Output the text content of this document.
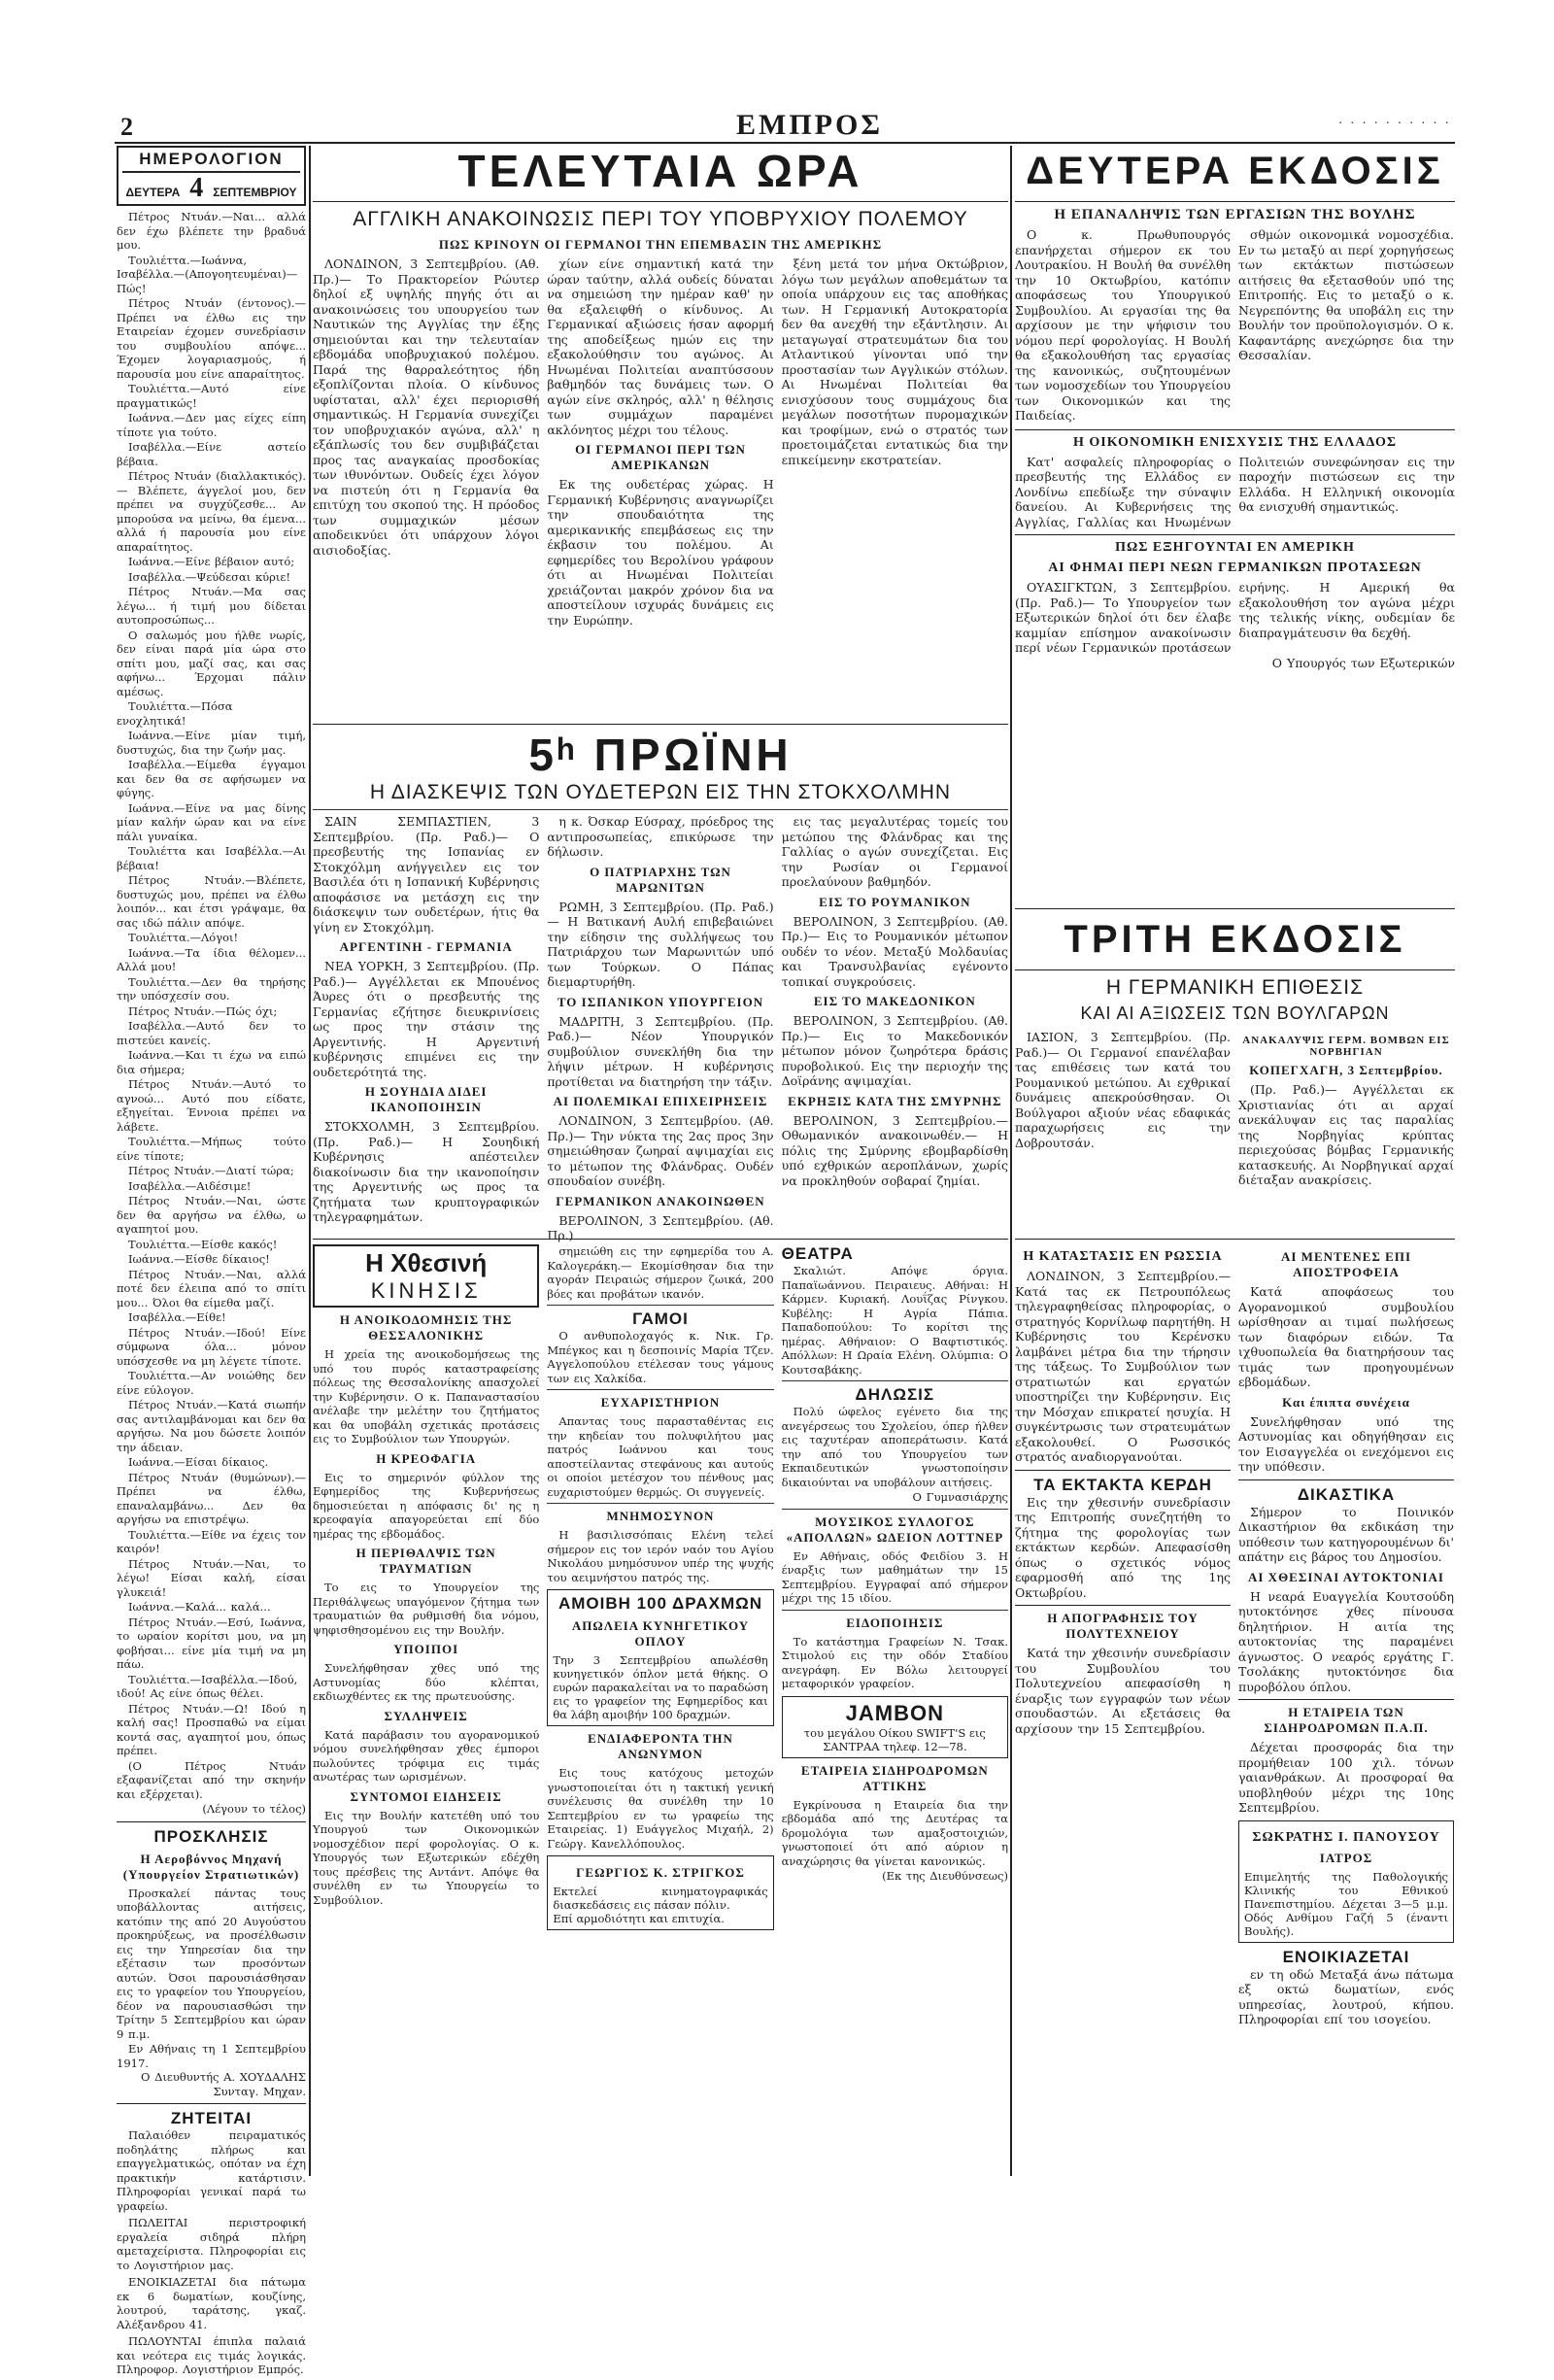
2	ΕΜΠΡΟΣ	· · · · · · · · · ·
ΗΜΕΡΟΛΟΓΙΟΝ
ΔΕΥΤΕΡΑ 4 ΣΕΠΤΕΜΒΡΙΟΥ

Πέτρος Ντυάν.—Ναι... αλλά δεν έχω βλέπετε την βραδυά μου.

Τουλιέττα.—Ιωάννα, Ισαβέλλα.—(Απογοητευμέναι)— Πώς!

Πέτρος Ντυάν (έντονος).— Πρέπει να έλθω εις την Εταιρείαν έχομεν συνεδρίασιν του συμβουλίου απόψε... Έχομεν λογαριασμούς, ή παρουσία μου είνε απαραίτητος.

Τουλιέττα.—Αυτό είνε πραγματικώς!

Ιωάννα.—Δεν μας είχες είπη τίποτε για τούτο.

Ισαβέλλα.—Είνε αστείο βέβαια.

Πέτρος Ντυάν (διαλλακτικός).— Βλέπετε, άγγελοί μου, δεν πρέπει να συγχύζεσθε... Αν μπορούσα να μείνω, θα έμενα... αλλά ή παρουσία μου είνε απαραίτητος.

Ιωάννα.—Είνε βέβαιον αυτό;

Ισαβέλλα.—Ψεύδεσαι κύριε!

Πέτρος Ντυάν.—Μα σας λέγω... ή τιμή μου δίδεται αυτοπροσώπως...

Ο σαλωμός μου ήλθε νωρίς, δεν είναι παρά μία ώρα στο σπίτι μου, μαζί σας, και σας αφήνω... Έρχομαι πάλιν αμέσως.

Τουλιέττα.—Πόσα ενοχλητικά!

Ιωάννα.—Είνε μίαν τιμή, δυστυχώς, δια την ζωήν μας.

Ισαβέλλα.—Είμεθα έγγαμοι και δεν θα σε αφήσωμεν να φύγης.

Ιωάννα.—Είνε να μας δίνης μίαν καλήν ώραν και να είνε πάλι γυναίκα.

Τουλιέττα και Ισαβέλλα.—Αι βέβαια!

Πέτρος Ντυάν.—Βλέπετε, δυστυχώς μου, πρέπει να έλθω λοιπόν... και έτσι γράψαμε, θα σας ιδώ πάλιν απόψε.

Τουλιέττα.—Λόγοι!

Ιωάννα.—Τα ίδια θέλομεν... Αλλά μου!

Τουλιέττα.—Δεν θα τηρήσης την υπόσχεσίν σου.

Πέτρος Ντυάν.—Πώς όχι;

Ισαβέλλα.—Αυτό δεν το πιστεύει κανείς.

Ιωάννα.—Και τι έχω να ειπώ δια σήμερα;

Πέτρος Ντυάν.—Αυτό το αγνοώ... Αυτό που είδατε, εξηγείται. Έννοια πρέπει να λάβετε.

Τουλιέττα.—Μήπως τούτο είνε τίποτε;

Πέτρος Ντυάν.—Διατί τώρα;

Ισαβέλλα.—Αιδέσιμε!

Πέτρος Ντυάν.—Ναι, ώστε δεν θα αργήσω να έλθω, ω αγαπητοί μου.

Τουλιέττα.—Είσθε κακός!

Ιωάννα.—Είσθε δίκαιος!

Πέτρος Ντυάν.—Ναι, αλλά ποτέ δεν έλειπα από το σπίτι μου... Όλοι θα είμεθα μαζί.

Ισαβέλλα.—Είθε!

Πέτρος Ντυάν.—Ιδού! Είνε σύμφωνα όλα... μόνον υπόσχεσθε να μη λέγετε τίποτε.

Τουλιέττα.—Αν νοιώθης δεν είνε εύλογον.

Πέτρος Ντυάν.—Κατά σιωπήν σας αντιλαμβάνομαι και δεν θα αργήσω. Να μου δώσετε λοιπόν την άδειαν.

Ιωάννα.—Είσαι δίκαιος.

Πέτρος Ντυάν (θυμώνων).— Πρέπει να έλθω, επαναλαμβάνω... Δεν θα αργήσω να επιστρέψω.

Τουλιέττα.—Είθε να έχεις τον καιρόν!

Πέτρος Ντυάν.—Ναι, το λέγω! Είσαι καλή, είσαι γλυκειά!

Ιωάννα.—Καλά... καλά...

Πέτρος Ντυάν.—Εσύ, Ιωάννα, το ωραίον κορίτσι μου, να μη φοβήσαι... είνε μία τιμή να μη πάω.

Τουλιέττα.—Ισαβέλλα.—Ιδού, ιδού! Ας είνε όπως θέλει.

Πέτρος Ντυάν.—Ω! Ιδού η καλή σας! Προσπαθώ να είμαι κοντά σας, αγαπητοί μου, όπως πρέπει.

(Ο Πέτρος Ντυάν εξαφανίζεται από την σκηνήν και εξέρχεται).

(Λέγουν το τέλος)
ΠΡΟΣΚΛΗΣΙΣ
Η Αεροβόννος Μηχανή (Υπουργείον Στρατιωτικών)

Προσκαλεί πάντας τους υποβάλλοντας αιτήσεις, κατόπιν της από 20 Αυγούστου προκηρύξεως, να προσέλθωσιν εις την Υπηρεσίαν δια την εξέτασιν των προσόντων αυτών. Όσοι παρουσιάσθησαν εις το γραφείον του Υπουργείου, δέον να παρουσιασθώσι την Τρίτην 5 Σεπτεμβρίου και ώραν 9 π.μ.

Εν Αθήναις τη 1 Σεπτεμβρίου 1917.
Ο Διευθυντής Α. ΧΟΥΔΑΛΗΣ Συνταγ. Μηχαν.
ΖΗΤΕΙΤΑΙ

Παλαιόθεν πειραματικός ποδηλάτης πλήρως και επαγγελματικώς, οπόταν να έχη πρακτικήν κατάρτισιν. Πληροφορίαι γενικαί παρά τω γραφείω.

ΠΩΛΕΙΤΑΙ περιστροφική εργαλεία σιδηρά πλήρη αμεταχείριστα. Πληροφορίαι εις το Λογιστήριον μας.

ΕΝΟΙΚΙΑΖΕΤΑΙ δια πάτωμα εκ 6 δωματίων, κουζίνης, λουτρού, ταράτσης, γκαζ. Αλέξανδρου 41.

ΠΩΛΟΥΝΤΑΙ έπιπλα παλαιά και νεότερα εις τιμάς λογικάς. Πληροφορ. Λογιστήριον Εμπρός.

ΤΕΛΕΥΤΑΙΑ ΩΡΑ
ΑΓΓΛΙΚΗ ΑΝΑΚΟΙΝΩΣΙΣ ΠΕΡΙ ΤΟΥ ΥΠΟΒΡΥΧΙΟΥ ΠΟΛΕΜΟΥ
ΠΩΣ ΚΡΙΝΟΥΝ ΟΙ ΓΕΡΜΑΝΟΙ ΤΗΝ ΕΠΕΜΒΑΣΙΝ ΤΗΣ ΑΜΕΡΙΚΗΣ

ΛΟΝΔΙΝΟΝ, 3 Σεπτεμβρίου. (Αθ. Πρ.)— Το Πρακτορείον Ρώυτερ δηλοί εξ υψηλής πηγής ότι αι ανακοινώσεις του υπουργείου των Ναυτικών της Αγγλίας την έξης σημειούνται και την τελευταίαν εβδομάδα υποβρυχιακού πολέμου. Παρά της θαρραλεότητος ήδη εξοπλίζονται πλοία. Ο κίνδυνος υφίσταται, αλλ' έχει περιορισθή σημαντικώς. Η Γερμανία συνεχίζει τον υποβρυχιακόν αγώνα, αλλ' η εξάπλωσίς του δεν συμβιβάζεται προς τας αναγκαίας προσδοκίας των ιθυνόντων. Ουδείς έχει λόγον να πιστεύη ότι η Γερμανία θα επιτύχη του σκοπού της. Η πρόοδος των συμμαχικών μέσων αποδεικνύει ότι υπάρχουν λόγοι αισιοδοξίας.

χίων είνε σημαντική κατά την ώραν ταύτην, αλλά ουδείς δύναται να σημειώση την ημέραν καθ' ην θα εξαλειφθή ο κίνδυνος. Αι Γερμανικαί αξιώσεις ήσαν αφορμή της αποδείξεως ημών εις την εξακολούθησιν του αγώνος. Αι Ηνωμέναι Πολιτείαι αναπτύσσουν βαθμηδόν τας δυνάμεις των. Ο αγών είνε σκληρός, αλλ' η θέλησις των συμμάχων παραμένει ακλόνητος μέχρι του τέλους.

ΟΙ ΓΕΡΜΑΝΟΙ ΠΕΡΙ ΤΩΝ ΑΜΕΡΙΚΑΝΩΝ

Εκ της ουδετέρας χώρας. Η Γερμανική Κυβέρνησις αναγνωρίζει την σπουδαιότητα της αμερικανικής επεμβάσεως εις την έκβασιν του πολέμου. Αι εφημερίδες του Βερολίνου γράφουν ότι αι Ηνωμέναι Πολιτείαι χρειάζονται μακρόν χρόνον δια να αποστείλουν ισχυράς δυνάμεις εις την Ευρώπην.

ξένη μετά τον μήνα Οκτώβριον, λόγω των μεγάλων αποθεμάτων τα οποία υπάρχουν εις τας αποθήκας των. Η Γερμανική Αυτοκρατορία δεν θα ανεχθή την εξάντλησιν. Αι μεταγωγαί στρατευμάτων δια του Ατλαντικού γίνονται υπό την προστασίαν των Αγγλικών στόλων. Αι Ηνωμέναι Πολιτείαι θα ενισχύσουν τους συμμάχους δια μεγάλων ποσοτήτων πυρομαχικών και τροφίμων, ενώ ο στρατός των προετοιμάζεται εντατικώς δια την επικείμενην εκστρατείαν.

5ʰ ΠΡΩΪΝΗ
Η ΔΙΑΣΚΕΨΙΣ ΤΩΝ ΟΥΔΕΤΕΡΩΝ ΕΙΣ ΤΗΝ ΣΤΟΚΧΟΛΜΗΝ

ΣΑΙΝ ΣΕΜΠΑΣΤΙΕΝ, 3 Σεπτεμβρίου. (Πρ. Ραδ.)— Ο πρεσβευτής της Ισπανίας εν Στοκχόλμη ανήγγειλεν εις τον Βασιλέα ότι η Ισπανική Κυβέρνησις αποφάσισε να μετάσχη εις την διάσκεψιν των ουδετέρων, ήτις θα γίνη εν Στοκχόλμη.

ΑΡΓΕΝΤΙΝΗ - ΓΕΡΜΑΝΙΑ

ΝΕΑ ΥΟΡΚΗ, 3 Σεπτεμβρίου. (Πρ. Ραδ.)— Αγγέλλεται εκ Μπουένος Άυρες ότι ο πρεσβευτής της Γερμανίας εζήτησε διευκρινίσεις ως προς την στάσιν της Αργεντινής. Η Αργεντινή κυβέρνησις επιμένει εις την ουδετερότητά της.

Η ΣΟΥΗΔΙΑ ΔΙΔΕΙ ΙΚΑΝΟΠΟΙΗΣΙΝ

ΣΤΟΚΧΟΛΜΗ, 3 Σεπτεμβρίου. (Πρ. Ραδ.)— Η Σουηδική Κυβέρνησις απέστειλεν διακοίνωσιν δια την ικανοποίησιν της Αργεντινής ως προς τα ζητήματα των κρυπτογραφικών τηλεγραφημάτων.

η κ. Όσκαρ Εύσραχ, πρόεδρος της αντιπροσωπείας, επικύρωσε την δήλωσιν.

Ο ΠΑΤΡΙΑΡΧΗΣ ΤΩΝ ΜΑΡΩΝΙΤΩΝ

ΡΩΜΗ, 3 Σεπτεμβρίου. (Πρ. Ραδ.)— Η Βατικανή Αυλή επιβεβαιώνει την είδησιν της συλλήψεως του Πατριάρχου των Μαρωνιτών υπό των Τούρκων. Ο Πάπας διεμαρτυρήθη.

ΤΟ ΙΣΠΑΝΙΚΟΝ ΥΠΟΥΡΓΕΙΟΝ

ΜΑΔΡΙΤΗ, 3 Σεπτεμβρίου. (Πρ. Ραδ.)— Νέον Υπουργικόν συμβούλιον συνεκλήθη δια την λήψιν μέτρων. Η κυβέρνησις προτίθεται να διατηρήση την τάξιν.

ΑΙ ΠΟΛΕΜΙΚΑΙ ΕΠΙΧΕΙΡΗΣΕΙΣ

ΛΟΝΔΙΝΟΝ, 3 Σεπτεμβρίου. (Αθ. Πρ.)— Την νύκτα της 2ας προς 3ην σημειώθησαν ζωηραί αψιμαχίαι εις το μέτωπον της Φλάνδρας. Ουδέν σπουδαίον συνέβη.

ΓΕΡΜΑΝΙΚΟΝ ΑΝΑΚΟΙΝΩΘΕΝ

ΒΕΡΟΛΙΝΟΝ, 3 Σεπτεμβρίου. (Αθ. Πρ.)

εις τας μεγαλυτέρας τομείς του μετώπου της Φλάνδρας και της Γαλλίας ο αγών συνεχίζεται. Εις την Ρωσίαν οι Γερμανοί προελαύνουν βαθμηδόν.

ΕΙΣ ΤΟ ΡΟΥΜΑΝΙΚΟΝ

ΒΕΡΟΛΙΝΟΝ, 3 Σεπτεμβρίου. (Αθ. Πρ.)— Εις το Ρουμανικόν μέτωπον ουδέν το νέον. Μεταξύ Μολδαυίας και Τρανσυλβανίας εγένοντο τοπικαί συγκρούσεις.

ΕΙΣ ΤΟ ΜΑΚΕΔΟΝΙΚΟΝ

ΒΕΡΟΛΙΝΟΝ, 3 Σεπτεμβρίου. (Αθ. Πρ.)— Εις το Μακεδονικόν μέτωπον μόνον ζωηρότερα δράσις πυροβολικού. Εις την περιοχήν της Δοϊράνης αψιμαχίαι.

ΕΚΡΗΞΙΣ ΚΑΤΑ ΤΗΣ ΣΜΥΡΝΗΣ

ΒΕΡΟΛΙΝΟΝ, 3 Σεπτεμβρίου.— Οθωμανικόν ανακοινωθέν.— Η πόλις της Σμύρνης εβομβαρδίσθη υπό εχθρικών αεροπλάνων, χωρίς να προκληθούν σοβαραί ζημίαι.

Η Χθεσινή
ΚΙΝΗΣΙΣ
Η ΑΝΟΙΚΟΔΟΜΗΣΙΣ ΤΗΣ ΘΕΣΣΑΛΟΝΙΚΗΣ

Η χρεία της ανοικοδομήσεως της υπό του πυρός καταστραφείσης πόλεως της Θεσσαλονίκης απασχολεί την Κυβέρνησιν. Ο κ. Παπαναστασίου ανέλαβε την μελέτην του ζητήματος και θα υποβάλη σχετικάς προτάσεις εις το Συμβούλιον των Υπουργών.

Η ΚΡΕΟΦΑΓΙΑ

Εις το σημερινόν φύλλον της Εφημερίδος της Κυβερνήσεως δημοσιεύεται η απόφασις δι' ης η κρεοφαγία απαγορεύεται επί δύο ημέρας της εβδομάδος.

Η ΠΕΡΙΘΑΛΨΙΣ ΤΩΝ ΤΡΑΥΜΑΤΙΩΝ

Το εις το Υπουργείον της Περιθάλψεως υπαγόμενον ζήτημα των τραυματιών θα ρυθμισθή δια νόμου, ψηφισθησομένου εις την Βουλήν.

ΥΠΟΙΠΟΙ

Συνελήφθησαν χθες υπό της Αστυνομίας δύο κλέπται, εκδιωχθέντες εκ της πρωτευούσης.

ΣΥΛΛΗΨΕΙΣ

Κατά παράβασιν του αγορανομικού νόμου συνελήφθησαν χθες έμποροι πωλούντες τρόφιμα εις τιμάς ανωτέρας των ωρισμένων.

ΣΥΝΤΟΜΟΙ ΕΙΔΗΣΕΙΣ

Εις την Βουλήν κατετέθη υπό του Υπουργού των Οικονομικών νομοσχέδιον περί φορολογίας. Ο κ. Υπουργός των Εξωτερικών εδέχθη τους πρέσβεις της Αντάντ. Απόψε θα συνέλθη εν τω Υπουργείω το Συμβούλιον.

σημειώθη εις την εφημερίδα του Α. Καλογεράκη.— Εκομίσθησαν δια την αγοράν Πειραιώς σήμερον ζωικά, 200 βόες και προβάτων ικανόν.

ΓΑΜΟΙ

Ο ανθυπολοχαγός κ. Νικ. Γρ. Μπέγκος και η δεσποινίς Μαρία Τζεν. Αγγελοπούλου ετέλεσαν τους γάμους των εις Χαλκίδα.

ΕΥΧΑΡΙΣΤΗΡΙΟΝ

Απαντας τους παρασταθέντας εις την κηδείαν του πολυφιλήτου μας πατρός Ιωάννου και τους αποστείλαντας στεφάνους και αυτούς οι οποίοι μετέσχον του πένθους μας ευχαριστούμεν θερμώς. Οι συγγενείς.

ΜΝΗΜΟΣΥΝΟΝ

Η βασιλισσόπαις Ελένη τελεί σήμερον εις τον ιερόν ναόν του Αγίου Νικολάου μνημόσυνον υπέρ της ψυχής του αειμνήστου πατρός της.

ΑΜΟΙΒΗ 100 ΔΡΑΧΜΩΝ
ΑΠΩΛΕΙΑ ΚΥΝΗΓΕΤΙΚΟΥ ΟΠΛΟΥ
Την 3 Σεπτεμβρίου απωλέσθη κυνηγετικόν όπλον μετά θήκης. Ο ευρών παρακαλείται να το παραδώση εις το γραφείον της Εφημερίδος και θα λάβη αμοιβήν 100 δραχμών.
ΕΝΔΙΑΦΕΡΟΝΤΑ ΤΗΝ ΑΝΩΝΥΜΟΝ

Εις τους κατόχους μετοχών γνωστοποιείται ότι η τακτική γενική συνέλευσις θα συνέλθη την 10 Σεπτεμβρίου εν τω γραφείω της Εταιρείας. 1) Ευάγγελος Μιχαήλ, 2) Γεώργ. Κανελλόπουλος.

ΓΕΩΡΓΙΟΣ Κ. ΣΤΡΙΓΚΟΣ
Εκτελεί κινηματογραφικάς διασκεδάσεις εις πάσαν πόλιν.
Επί αρμοδιότητι και επιτυχία.
ΘΕΑΤΡΑ

Σκαλιώτ. Απόψε όργια. Παπαϊωάννου. Πειραιευς. Αθήναι: Η Κάρμεν. Κυριακή. Λουΐζας Ρίνγκου. Κυβέλης: Η Αγρία Πάπια. Παπαδοπούλου: Το κορίτσι της ημέρας. Αθήναιον: Ο Βαφτιστικός. Απόλλων: Η Ωραία Ελένη. Ολύμπια: Ο Κουτσαβάκης.

ΔΗΛΩΣΙΣ

Πολύ ώφελος εγένετο δια της ανεγέρσεως του Σχολείου, όπερ ήλθεν εις ταχυτέραν αποπεράτωσιν. Κατά την από του Υπουργείου των Εκπαιδευτικών γνωστοποίησιν δικαιούνται να υποβάλουν αιτήσεις.

Ο Γυμνασιάρχης
ΜΟΥΣΙΚΟΣ ΣΥΛΛΟΓΟΣ «ΑΠΟΛΛΩΝ» ΩΔΕΙΟΝ ΛΟΤΤΝΕΡ

Εν Αθήναις, οδός Φειδίου 3. Η έναρξις των μαθημάτων την 15 Σεπτεμβρίου. Εγγραφαί από σήμερον μέχρι της 15 ιδίου.

ΕΙΔΟΠΟΙΗΣΙΣ

Το κατάστημα Γραφείων Ν. Τσακ. Στιμολού εις την οδόν Σταδίου ανεγράφη. Εν Βόλω λειτουργεί μεταφορικόν γραφείον.

JAMBON
του μεγάλου Οίκου SWIFT'S εις ΣΑΝΤΡΑΑ τηλεφ. 12—78.
ΕΤΑΙΡΕΙΑ ΣΙΔΗΡΟΔΡΟΜΩΝ ΑΤΤΙΚΗΣ

Εγκρίνουσα η Εταιρεία δια την εβδομάδα από της Δευτέρας τα δρομολόγια των αμαξοστοιχιών, γνωστοποιεί ότι από αύριον η αναχώρησις θα γίνεται κανονικώς.

(Εκ της Διευθύνσεως)
ΔΕΥΤΕΡΑ ΕΚΔΟΣΙΣ
Η ΕΠΑΝΑΛΗΨΙΣ ΤΩΝ ΕΡΓΑΣΙΩΝ ΤΗΣ ΒΟΥΛΗΣ

Ο κ. Πρωθυπουργός επανήρχεται σήμερον εκ του Λουτρακίου. Η Βουλή θα συνέλθη την 10 Οκτωβρίου, κατόπιν αποφάσεως του Υπουργικού Συμβουλίου. Αι εργασίαι της θα αρχίσουν με την ψήφισιν του νόμου περί φορολογίας. Η Βουλή θα εξακολουθήση τας εργασίας της κανονικώς, συζητουμένων των νομοσχεδίων του Υπουργείου των Οικονομικών και της Παιδείας.

σθμών οικονομικά νομοσχέδια. Εν τω μεταξύ αι περί χορηγήσεως των εκτάκτων πιστώσεων αιτήσεις θα εξετασθούν υπό της Επιτροπής. Εις το μεταξύ ο κ. Νεγρεπόντης θα υποβάλη εις την Βουλήν τον προϋπολογισμόν. Ο κ. Καφαντάρης ανεχώρησε δια την Θεσσαλίαν.

Η ΟΙΚΟΝΟΜΙΚΗ ΕΝΙΣΧΥΣΙΣ ΤΗΣ ΕΛΛΑΔΟΣ

Κατ' ασφαλείς πληροφορίας ο πρεσβευτής της Ελλάδος εν Λονδίνω επεδίωξε την σύναψιν δανείου. Αι Κυβερνήσεις της Αγγλίας, Γαλλίας και Ηνωμένων Πολιτειών συνεφώνησαν εις την παροχήν πιστώσεων εις την Ελλάδα. Η Ελληνική οικονομία θα ενισχυθή σημαντικώς.

ΠΩΣ ΕΞΗΓΟΥΝΤΑΙ ΕΝ ΑΜΕΡΙΚΗ
ΑΙ ΦΗΜΑΙ ΠΕΡΙ ΝΕΩΝ ΓΕΡΜΑΝΙΚΩΝ ΠΡΟΤΑΣΕΩΝ

ΟΥΑΣΙΓΚΤΩΝ, 3 Σεπτεμβρίου. (Πρ. Ραδ.)— Το Υπουργείον των Εξωτερικών δηλοί ότι δεν έλαβε καμμίαν επίσημον ανακοίνωσιν περί νέων Γερμανικών προτάσεων ειρήνης. Η Αμερική θα εξακολουθήση τον αγώνα μέχρι της τελικής νίκης, ουδεμίαν δε διαπραγμάτευσιν θα δεχθή.

Ο Υπουργός των Εξωτερικών
ΤΡΙΤΗ ΕΚΔΟΣΙΣ
Η ΓΕΡΜΑΝΙΚΗ ΕΠΙΘΕΣΙΣ
ΚΑΙ ΑΙ ΑΞΙΩΣΕΙΣ ΤΩΝ ΒΟΥΛΓΑΡΩΝ

ΙΑΣΙΟΝ, 3 Σεπτεμβρίου. (Πρ. Ραδ.)— Οι Γερμανοί επανέλαβαν τας επιθέσεις των κατά του Ρουμανικού μετώπου. Αι εχθρικαί δυνάμεις απεκρούσθησαν. Οι Βούλγαροι αξιούν νέας εδαφικάς παραχωρήσεις εις την Δοβρουτσάν.

ΑΝΑΚΑΛΥΨΙΣ ΓΕΡΜ. ΒΟΜΒΩΝ ΕΙΣ ΝΟΡΒΗΓΙΑΝ
ΚΟΠΕΓΧΑΓΗ, 3 Σεπτεμβρίου.

(Πρ. Ραδ.)— Αγγέλλεται εκ Χριστιανίας ότι αι αρχαί ανεκάλυψαν εις τας παραλίας της Νορβηγίας κρύπτας περιεχούσας βόμβας Γερμανικής κατασκευής. Αι Νορβηγικαί αρχαί διέταξαν ανακρίσεις.

Η ΚΑΤΑΣΤΑΣΙΣ ΕΝ ΡΩΣΣΙΑ

ΛΟΝΔΙΝΟΝ, 3 Σεπτεμβρίου.— Κατά τας εκ Πετρουπόλεως τηλεγραφηθείσας πληροφορίας, ο στρατηγός Κορνίλωφ παρητήθη. Η Κυβέρνησις του Κερένσκυ λαμβάνει μέτρα δια την τήρησιν της τάξεως. Το Συμβούλιον των στρατιωτών και εργατών υποστηρίζει την Κυβέρνησιν. Εις την Μόσχαν επικρατεί ησυχία. Η συγκέντρωσις των στρατευμάτων εξακολουθεί. Ο Ρωσσικός στρατός αναδιοργανούται.

ΤΑ ΕΚΤΑΚΤΑ ΚΕΡΔΗ

Εις την χθεσινήν συνεδρίασιν της Επιτροπής συνεζητήθη το ζήτημα της φορολογίας των εκτάκτων κερδών. Απεφασίσθη όπως ο σχετικός νόμος εφαρμοσθή από της 1ης Οκτωβρίου.

Η ΑΠΟΓΡΑΦΗΣΙΣ ΤΟΥ ΠΟΛΥΤΕΧΝΕΙΟΥ

Κατά την χθεσινήν συνεδρίασιν του Συμβουλίου του Πολυτεχνείου απεφασίσθη η έναρξις των εγγραφών των νέων σπουδαστών. Αι εξετάσεις θα αρχίσουν την 15 Σεπτεμβρίου.

ΑΙ ΜΕΝΤΕΝΕΣ ΕΠΙ ΑΠΟΣΤΡΟΦΕΙΑ

Κατά αποφάσεως του Αγορανομικού συμβουλίου ωρίσθησαν αι τιμαί πωλήσεως των διαφόρων ειδών. Τα ιχθυοπωλεία θα διατηρήσουν τας τιμάς των προηγουμένων εβδομάδων.

Και έπιπτα συνέχεια

Συνελήφθησαν υπό της Αστυνομίας και οδηγήθησαν εις τον Εισαγγελέα οι ενεχόμενοι εις την υπόθεσιν.

ΔΙΚΑΣΤΙΚΑ

Σήμερον το Ποινικόν Δικαστήριον θα εκδικάση την υπόθεσιν των κατηγορουμένων δι' απάτην εις βάρος του Δημοσίου.

ΑΙ ΧΘΕΣΙΝΑΙ ΑΥΤΟΚΤΟΝΙΑΙ

Η νεαρά Ευαγγελία Κουτσούδη ηυτοκτόνησε χθες πίνουσα δηλητήριον. Η αιτία της αυτοκτονίας της παραμένει άγνωστος. Ο νεαρός εργάτης Γ. Τσολάκης ηυτοκτόνησε δια πυροβόλου όπλου.

Η ΕΤΑΙΡΕΙΑ ΤΩΝ ΣΙΔΗΡΟΔΡΟΜΩΝ Π.Α.Π.

Δέχεται προσφοράς δια την προμήθειαν 100 χιλ. τόνων γαιανθράκων. Αι προσφοραί θα υποβληθούν μέχρι της 10ης Σεπτεμβρίου.

ΣΩΚΡΑΤΗΣ Ι. ΠΑΝΟΥΣΟΥ
ΙΑΤΡΟΣ
Επιμελητής της Παθολογικής Κλινικής του Εθνικού Πανεπιστημίου. Δέχεται 3—5 μ.μ. Οδός Ανθίμου Γαζή 5 (έναντι Βουλής).
ΕΝΟΙΚΙΑΖΕΤΑΙ

εν τη οδώ Μεταξά άνω πάτωμα εξ οκτώ δωματίων, ενός υπηρεσίας, λουτρού, κήπου. Πληροφορίαι επί του ισογείου.
